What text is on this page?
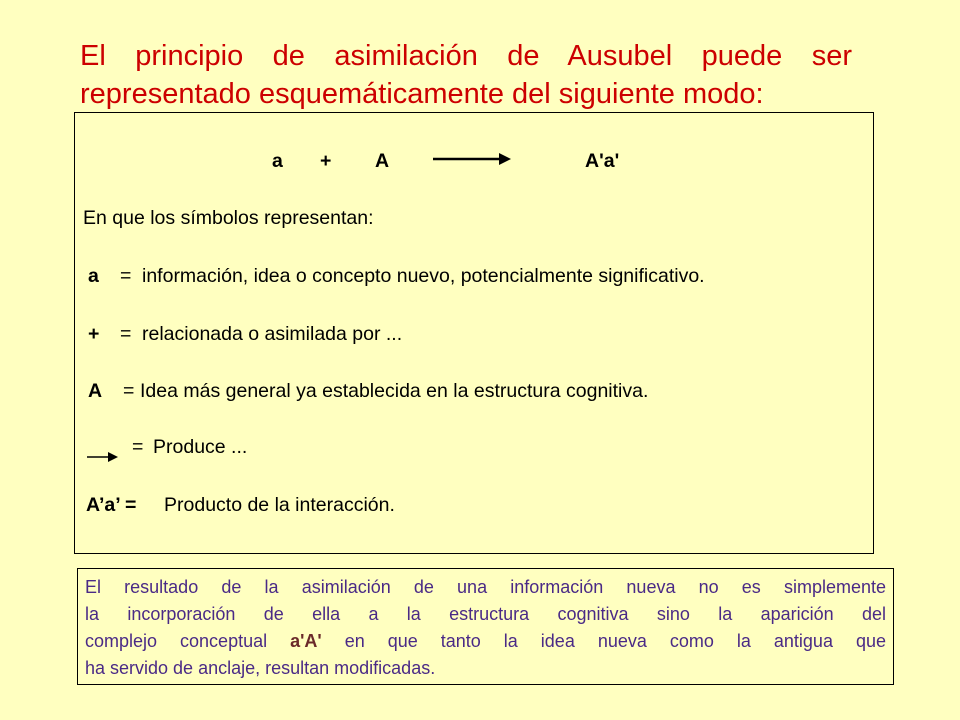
El principio de asimilación de Ausubel puede ser
representado esquemáticamente del siguiente modo:
a + A	A'a'
En que los símbolos representan:
a = información, idea o concepto nuevo, potencialmente significativo.
+ = relacionada o asimilada por ...
A = Idea más general ya establecida en la estructura cognitiva.
= Produce ...
A’a’ = Producto de la interacción.
El resultado de la asimilación de una información nueva no es simplemente
la incorporación de ella a la estructura cognitiva sino la aparición del
complejo conceptual a'A' en que tanto la idea nueva como la antigua que
ha servido de anclaje, resultan modificadas.
